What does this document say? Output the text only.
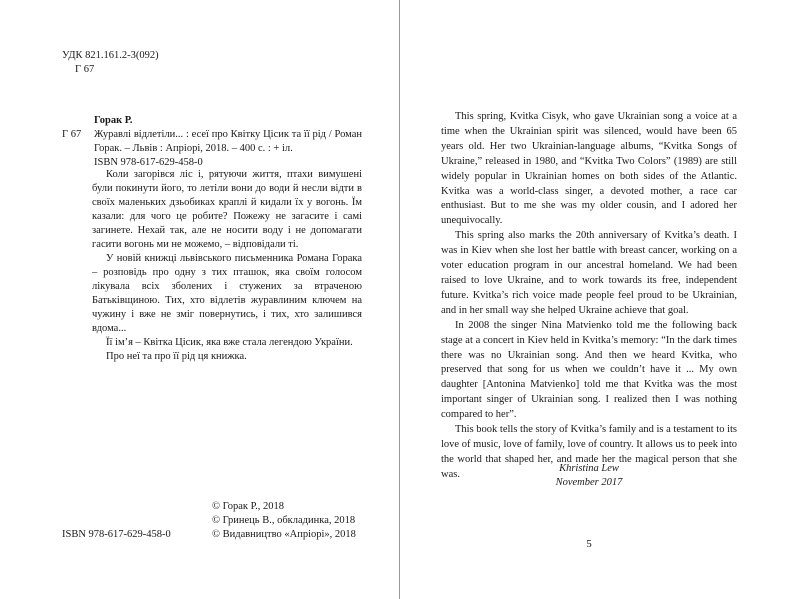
УДК 821.161.2-3(092)
Г 67
Горак Р.
Г 67	Журавлі відлетіли... : есеї про Квітку Цісик та її рід / Роман Горак. – Львів : Апріорі, 2018. – 400 с. : + іл.
ISBN 978-617-629-458-0

Коли загорівся ліс і, рятуючи життя, птахи вимушені були покинути його, то летіли вони до води й несли відти в своїх маленьких дзьобиках краплі й кидали їх у вогонь. Їм казали: для чого це робите? Пожежу не загасите і самі загинете. Нехай так, але не носити воду і не допомагати гасити вогонь ми не можемо, – відповідали ті.

У новій книжці львівського письменника Романа Горака – розповідь про одну з тих пташок, яка своїм голосом лікувала всіх зболених і стужених за втраченою Батьківщиною. Тих, хто відлетів журавлиним ключем на чужину і вже не зміг повернутись, і тих, хто залишився вдома...

Її ім’я – Квітка Цісик, яка вже стала легендою України.

Про неї та про її рід ця книжка.

© Горак Р., 2018
© Гринець В., обкладинка, 2018
ISBN 978-617-629-458-0	© Видавництво «Апріорі», 2018

This spring, Kvitka Cisyk, who gave Ukrainian song a voice at a time when the Ukrainian spirit was silenced, would have been 65 years old. Her two Ukrainian-language albums, “Kvitka Songs of Ukraine,” released in 1980, and “Kvitka Two Colors” (1989) are still widely popular in Ukrainian homes on both sides of the Atlantic. Kvitka was a world-class singer, a devoted mother, a race car enthusiast. But to me she was my older cousin, and I adored her unequivocally.

This spring also marks the 20th anniversary of Kvitka’s death. I was in Kiev when she lost her battle with breast cancer, working on a voter education program in our ancestral homeland. We had been raised to love Ukraine, and to work towards its free, independent future. Kvitka’s rich voice made people feel proud to be Ukrainian, and in her small way she helped Ukraine achieve that goal.

In 2008 the singer Nina Matvienko told me the following back stage at a concert in Kiev held in Kvitka’s memory: “In the dark times there was no Ukrainian song. And then we heard Kvitka, who preserved that song for us when we couldn’t have it ... My own daughter [Antonina Matvienko] told me that Kvitka was the most important singer of Ukrainian song. I realized then I was nothing compared to her”.

This book tells the story of Kvitka’s family and is a testament to its love of music, love of family, love of country. It allows us to peek into the world that shaped her, and made her the magical person that she was.

Khristina Lew
November 2017
5
